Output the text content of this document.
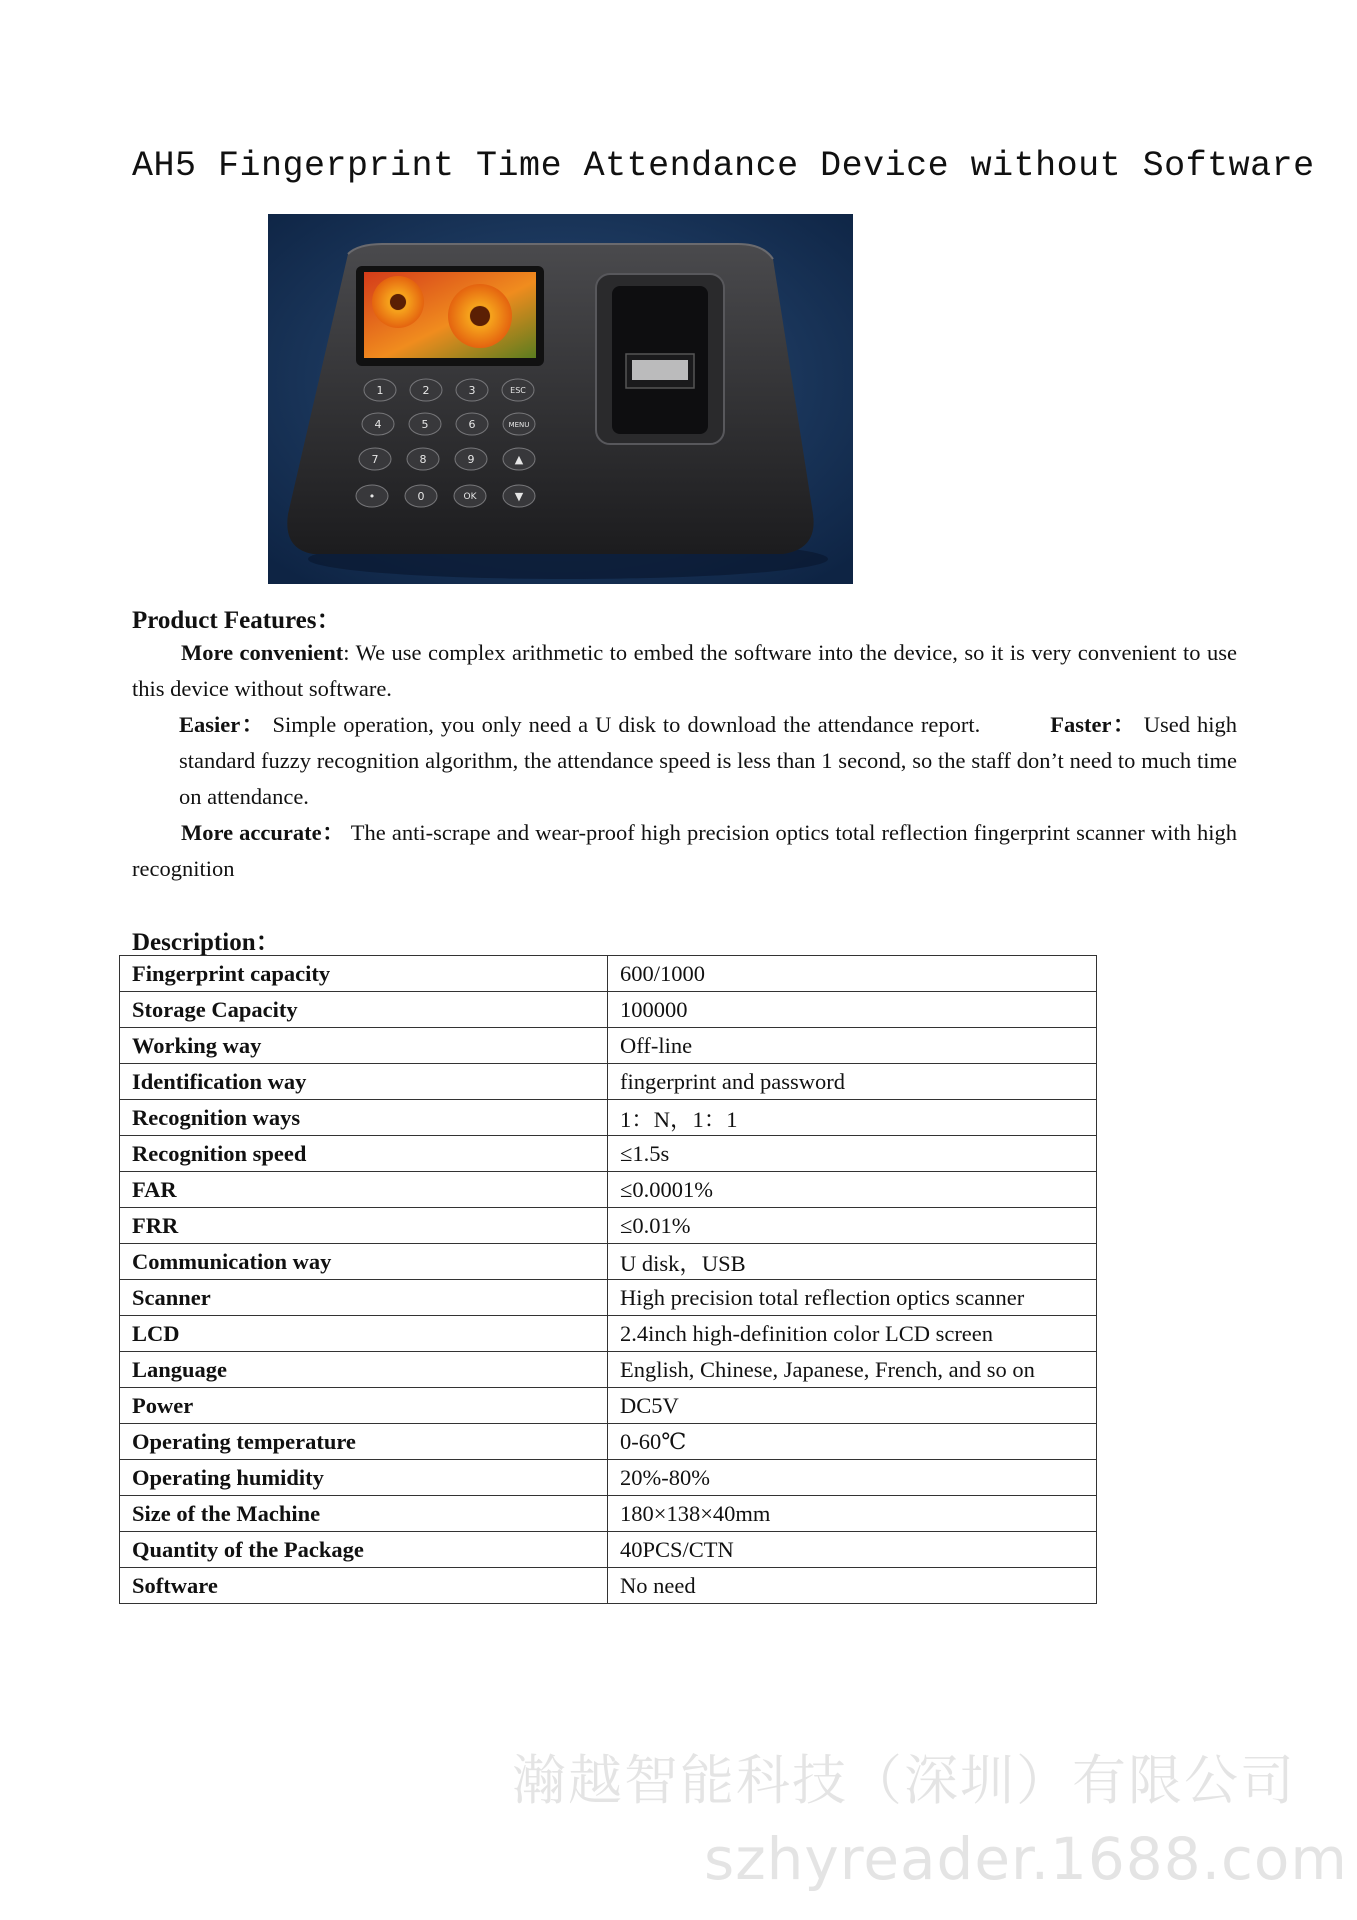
AH5 Fingerprint Time Attendance Device without Software
1	2	3	ESC
4	5	6	MENU
7	8	9	▲
•	0	OK	▼
Product Features：

More convenient: We use complex arithmetic to embed the software into the device, so it is very convenient to use this device without software.

Easier： Simple operation, you only need a U disk to download the attendance report.	Faster： Used high standard fuzzy recognition algorithm, the attendance speed is less than 1 second, so the staff don’t need to much time on attendance.

More accurate： The anti-scrape and wear-proof high precision optics total reflection fingerprint scanner with high recognition

Description：
Fingerprint capacity	600/1000
Storage Capacity	100000
Working way	Off-line
Identification way	fingerprint and password
Recognition ways	1：N，1：1
Recognition speed	≤1.5s
FAR	≤0.0001%
FRR	≤0.01%
Communication way	U disk，USB
Scanner	High precision total reflection optics scanner
LCD	2.4inch high-definition color LCD screen
Language	English, Chinese, Japanese, French, and so on
Power	DC5V
Operating temperature	0-60℃
Operating humidity	20%-80%
Size of the Machine	180×138×40mm
Quantity of the Package	40PCS/CTN
Software	No need
瀚越智能科技（深圳）有限公司
szhyreader.1688.com
